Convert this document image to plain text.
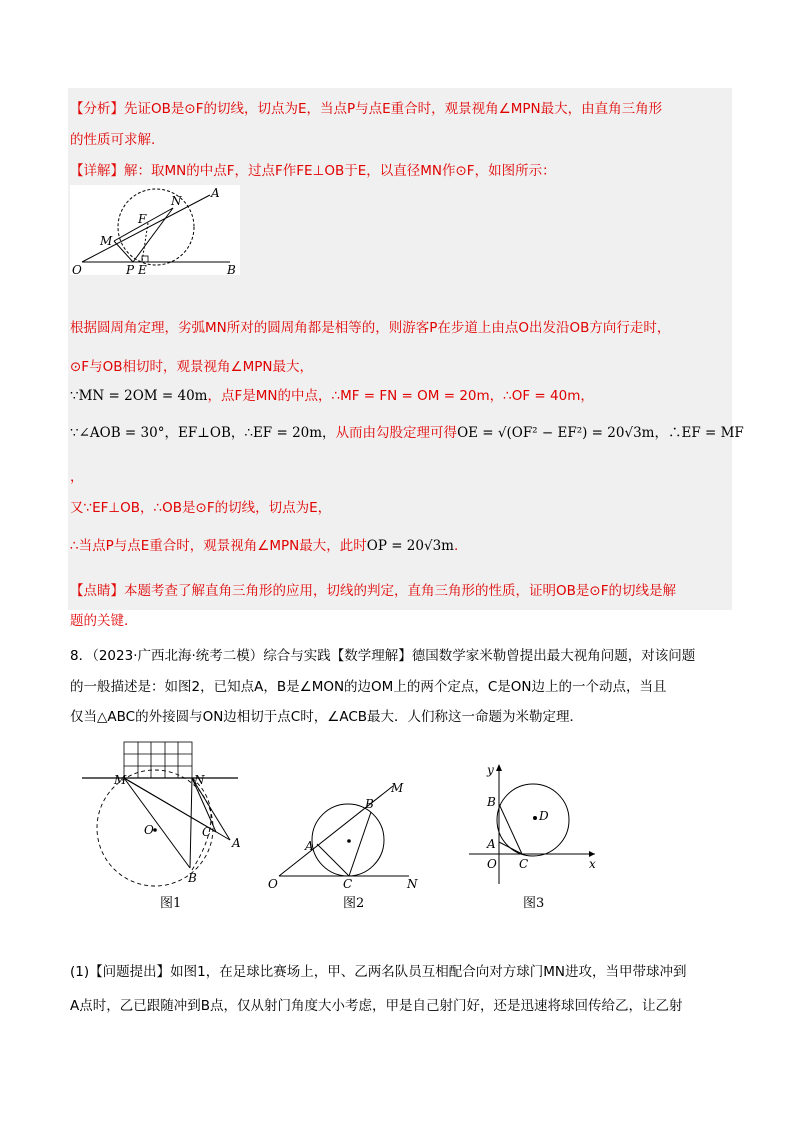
【分析】先证OB是⊙F的切线，切点为E，当点P与点E重合时，观景视角∠MPN最大，由直角三角形
的性质可求解.
【详解】解：取MN的中点F，过点F作FE⊥OB于E，以直径MN作⊙F，如图所示：
N
A
F
M
O	P E	B
根据圆周角定理，劣弧MN所对的圆周角都是相等的，则游客P在步道上由点O出发沿OB方向行走时，
⊙F与OB相切时，观景视角∠MPN最大，
∵MN = 2OM = 40m，点F是MN的中点，∴MF = FN = OM = 20m，∴OF = 40m，
∵∠AOB = 30°，EF⊥OB，∴EF = 20m，从而由勾股定理可得OE = √(OF² − EF²) = 20√3m，∴EF = MF
，
又∵EF⊥OB，∴OB是⊙F的切线，切点为E，
∴当点P与点E重合时，观景视角∠MPN最大，此时OP = 20√3m.
【点睛】本题考查了解直角三角形的应用，切线的判定，直角三角形的性质，证明OB是⊙F的切线是解
题的关键.
8．（2023·广西北海·统考二模）综合与实践【数学理解】德国数学家米勒曾提出最大视角问题，对该问题
的一般描述是：如图2，已知点A，B是∠MON的边OM上的两个定点，C是ON边上的一个动点，当且
仅当△ABC的外接圆与ON边相切于点C时，∠ACB最大．人们称这一命题为米勒定理．
M	N
O	C
A
B
图1
M
B
A
O	C	N
图2
y
B
D
A
O C	x
图3
(1)【问题提出】如图1，在足球比赛场上，甲、乙两名队员互相配合向对方球门MN进攻，当甲带球冲到
A点时，乙已跟随冲到B点，仅从射门角度大小考虑，甲是自己射门好，还是迅速将球回传给乙，让乙射
